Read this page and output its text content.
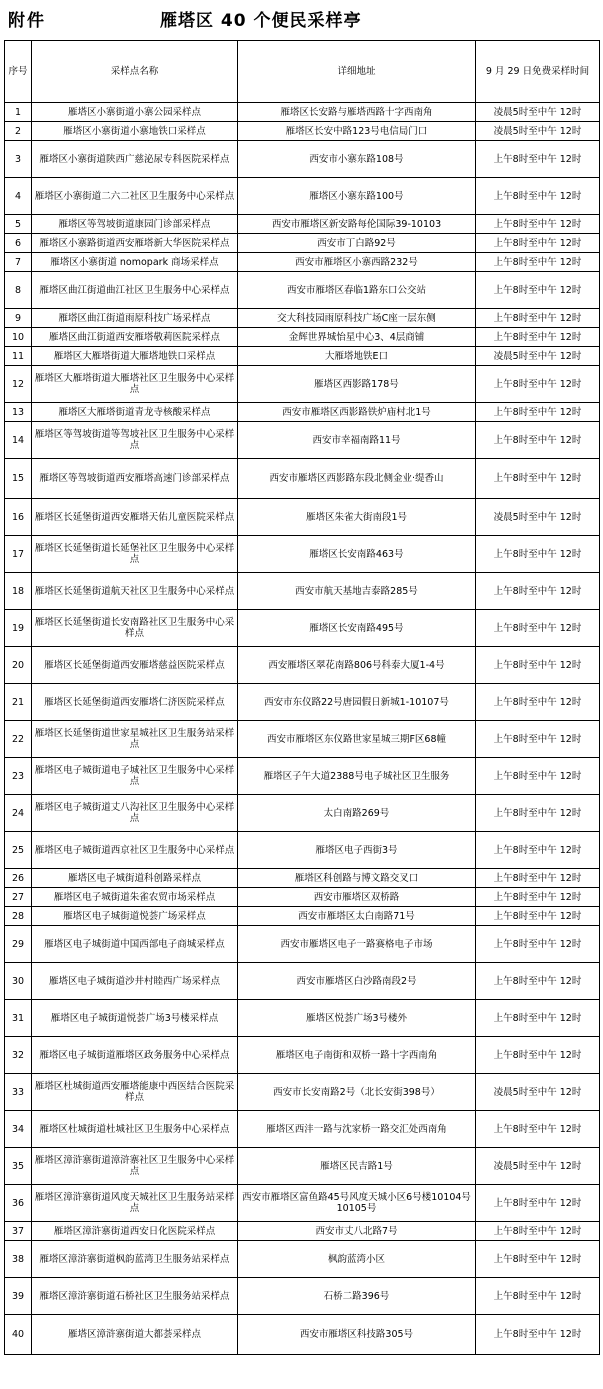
附件	雁塔区 40 个便民采样亭
序号	采样点名称	详细地址	9 月 29 日免费采样时间
1	雁塔区小寨街道小寨公园采样点	雁塔区长安路与雁塔西路十字西南角	凌晨5时至中午 12时
2	雁塔区小寨街道小寨地铁口采样点	雁塔区长安中路123号电信局门口	凌晨5时至中午 12时
3	雁塔区小寨街道陕西广慈泌尿专科医院采样点	西安市小寨东路108号	上午8时至中午 12时
4	雁塔区小寨街道二六二社区卫生服务中心采样点	雁塔区小寨东路100号	上午8时至中午 12时
5	雁塔区等驾坡街道康园门诊部采样点	西安市雁塔区新安路每伦国际39-10103	上午8时至中午 12时
6	雁塔区小寨路街道西安雁塔新大华医院采样点	西安市丁白路92号	上午8时至中午 12时
7	雁塔区小寨街道 nomopark 商场采样点	西安市雁塔区小寨西路232号	上午8时至中午 12时
8	雁塔区曲江街道曲江社区卫生服务中心采样点	西安市雁塔区春临1路东口公交站	上午8时至中午 12时
9	雁塔区曲江街道雨原科技广场采样点	交大科技园雨原科技广场C座一层东侧	上午8时至中午 12时
10	雁塔区曲江街道西安雁塔敬莉医院采样点	金辉世界城怡星中心3、4层商铺	上午8时至中午 12时
11	雁塔区大雁塔街道大雁塔地铁口采样点	大雁塔地铁E口	凌晨5时至中午 12时
12	雁塔区大雁塔街道大雁塔社区卫生服务中心采样点	雁塔区西影路178号	上午8时至中午 12时
13	雁塔区大雁塔街道青龙寺核酸采样点	西安市雁塔区西影路铁炉庙村北1号	上午8时至中午 12时
14	雁塔区等驾坡街道等驾坡社区卫生服务中心采样点	西安市幸福南路11号	上午8时至中午 12时
15	雁塔区等驾坡街道西安雁塔高速门诊部采样点	西安市雁塔区西影路东段北侧金业·缇香山	上午8时至中午 12时
16	雁塔区长延堡街道西安雁塔天佑儿童医院采样点	雁塔区朱雀大街南段1号	凌晨5时至中午 12时
17	雁塔区长延堡街道长延堡社区卫生服务中心采样点	雁塔区长安南路463号	上午8时至中午 12时
18	雁塔区长延堡街道航天社区卫生服务中心采样点	西安市航天基地吉泰路285号	上午8时至中午 12时
19	雁塔区长延堡街道长安南路社区卫生服务中心采样点	雁塔区长安南路495号	上午8时至中午 12时
20	雁塔区长延堡街道西安雁塔慈益医院采样点	西安雁塔区翠花南路806号科泰大厦1-4号	上午8时至中午 12时
21	雁塔区长延堡街道西安雁塔仁济医院采样点	西安市东仪路22号唐园假日新城1-10107号	上午8时至中午 12时
22	雁塔区长延堡街道世家星城社区卫生服务站采样点	西安市雁塔区东仪路世家星城三期F区68幢	上午8时至中午 12时
23	雁塔区电子城街道电子城社区卫生服务中心采样点	雁塔区子午大道2388号电子城社区卫生服务	上午8时至中午 12时
24	雁塔区电子城街道丈八沟社区卫生服务中心采样点	太白南路269号	上午8时至中午 12时
25	雁塔区电子城街道西京社区卫生服务中心采样点	雁塔区电子西街3号	上午8时至中午 12时
26	雁塔区电子城街道科创路采样点	雁塔区科创路与博文路交叉口	上午8时至中午 12时
27	雁塔区电子城街道朱雀农贸市场采样点	西安市雁塔区双桥路	上午8时至中午 12时
28	雁塔区电子城街道悦荟广场采样点	西安市雁塔区太白南路71号	上午8时至中午 12时
29	雁塔区电子城街道中国西部电子商城采样点	西安市雁塔区电子一路赛格电子市场	上午8时至中午 12时
30	雁塔区电子城街道沙井村睦西广场采样点	西安市雁塔区白沙路南段2号	上午8时至中午 12时
31	雁塔区电子城街道悦荟广场3号楼采样点	雁塔区悦荟广场3号楼外	上午8时至中午 12时
32	雁塔区电子城街道雁塔区政务服务中心采样点	雁塔区电子南街和双桥一路十字西南角	上午8时至中午 12时
33	雁塔区杜城街道西安雁塔能康中西医结合医院采样点	西安市长安南路2号（北长安街398号）	凌晨5时至中午 12时
34	雁塔区杜城街道杜城社区卫生服务中心采样点	雁塔区西沣一路与沈家桥一路交汇处西南角	上午8时至中午 12时
35	雁塔区漳浒寨街道漳浒寨社区卫生服务中心采样点	雁塔区民吉路1号	凌晨5时至中午 12时
36	雁塔区漳浒寨街道风度天城社区卫生服务站采样点	西安市雁塔区富鱼路45号风度天城小区6号楼10104号10105号	上午8时至中午 12时
37	雁塔区漳浒寨街道西安日化医院采样点	西安市丈八北路7号	上午8时至中午 12时
38	雁塔区漳浒寨街道枫韵蓝湾卫生服务站采样点	枫韵蓝湾小区	上午8时至中午 12时
39	雁塔区漳浒寨街道石桥社区卫生服务站采样点	石桥二路396号	上午8时至中午 12时
40	雁塔区漳浒寨街道大都荟采样点	西安市雁塔区科技路305号	上午8时至中午 12时
